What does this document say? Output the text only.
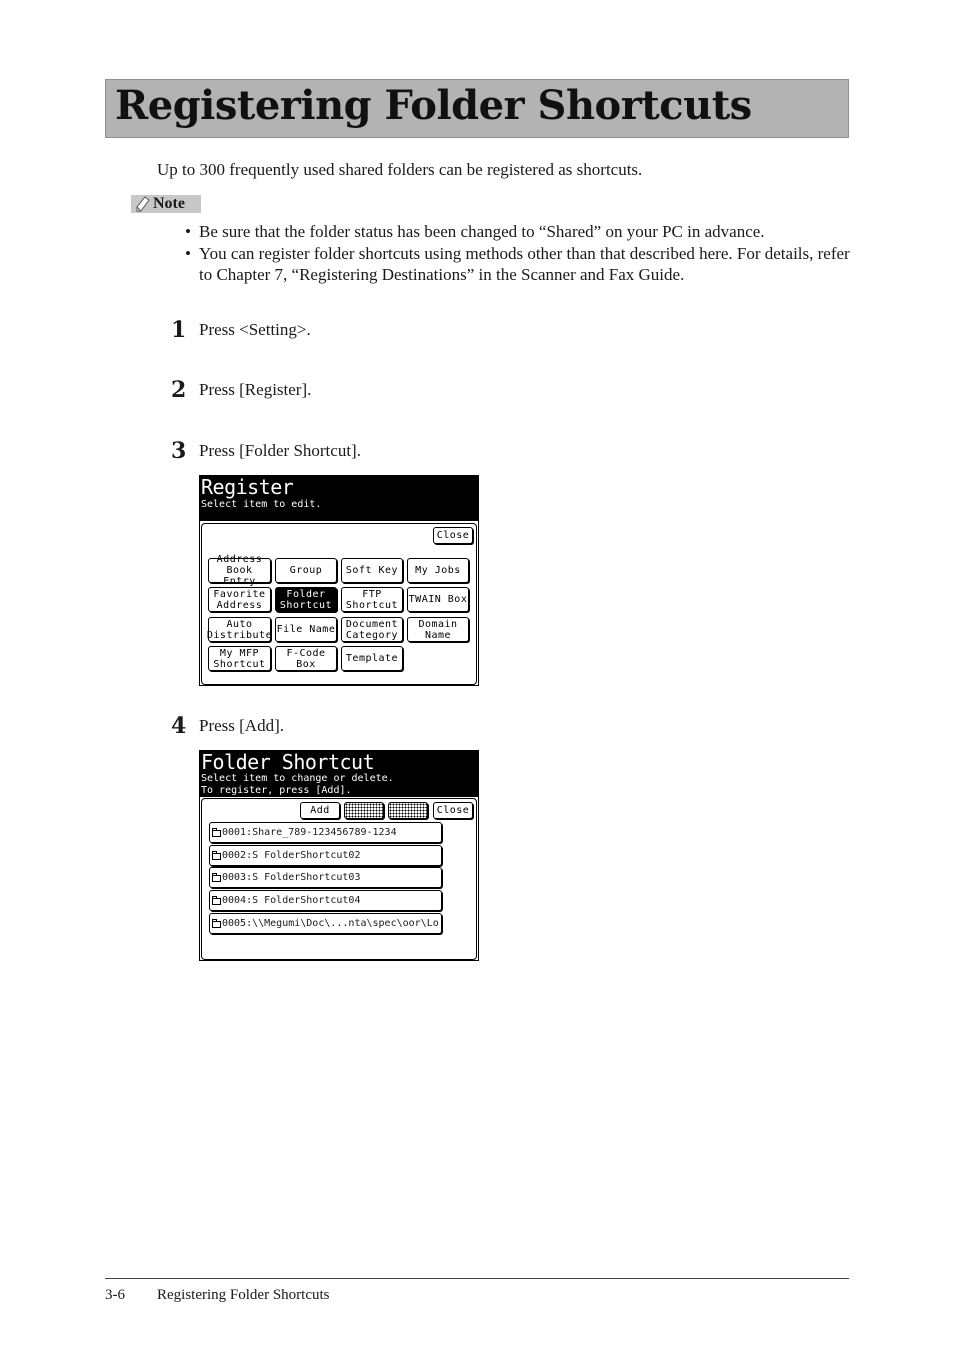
Registering Folder Shortcuts
Up to 300 frequently used shared folders can be registered as shortcuts.
Note
• Be sure that the folder status has been changed to “Shared” on your PC in advance.
• You can register folder shortcuts using methods other than that described here. For details, refer to Chapter 7, “Registering Destinations” in the Scanner and Fax Guide.
1 Press <Setting>.
2 Press [Register].
3 Press [Folder Shortcut].
Register
Select item to edit.
Close
Address
Book Entry
Group	Soft Key	My Jobs
Favorite
Address
Folder
Shortcut
FTP
Shortcut	TWAIN Box
Auto
Distribute File Name	Document
Category
Domain
Name
My MFP
Shortcut
F-Code
Box	Template
4 Press [Add].
Folder Shortcut
Select item to change or delete.
To register, press [Add].
Add	Close
0001:Share_789-123456789-1234
0002:S FolderShortcut02
0003:S FolderShortcut03
0004:S FolderShortcut04
0005:\\Megumi\Doc\...nta\spec\oor\Lo
3-6 Registering Folder Shortcuts
